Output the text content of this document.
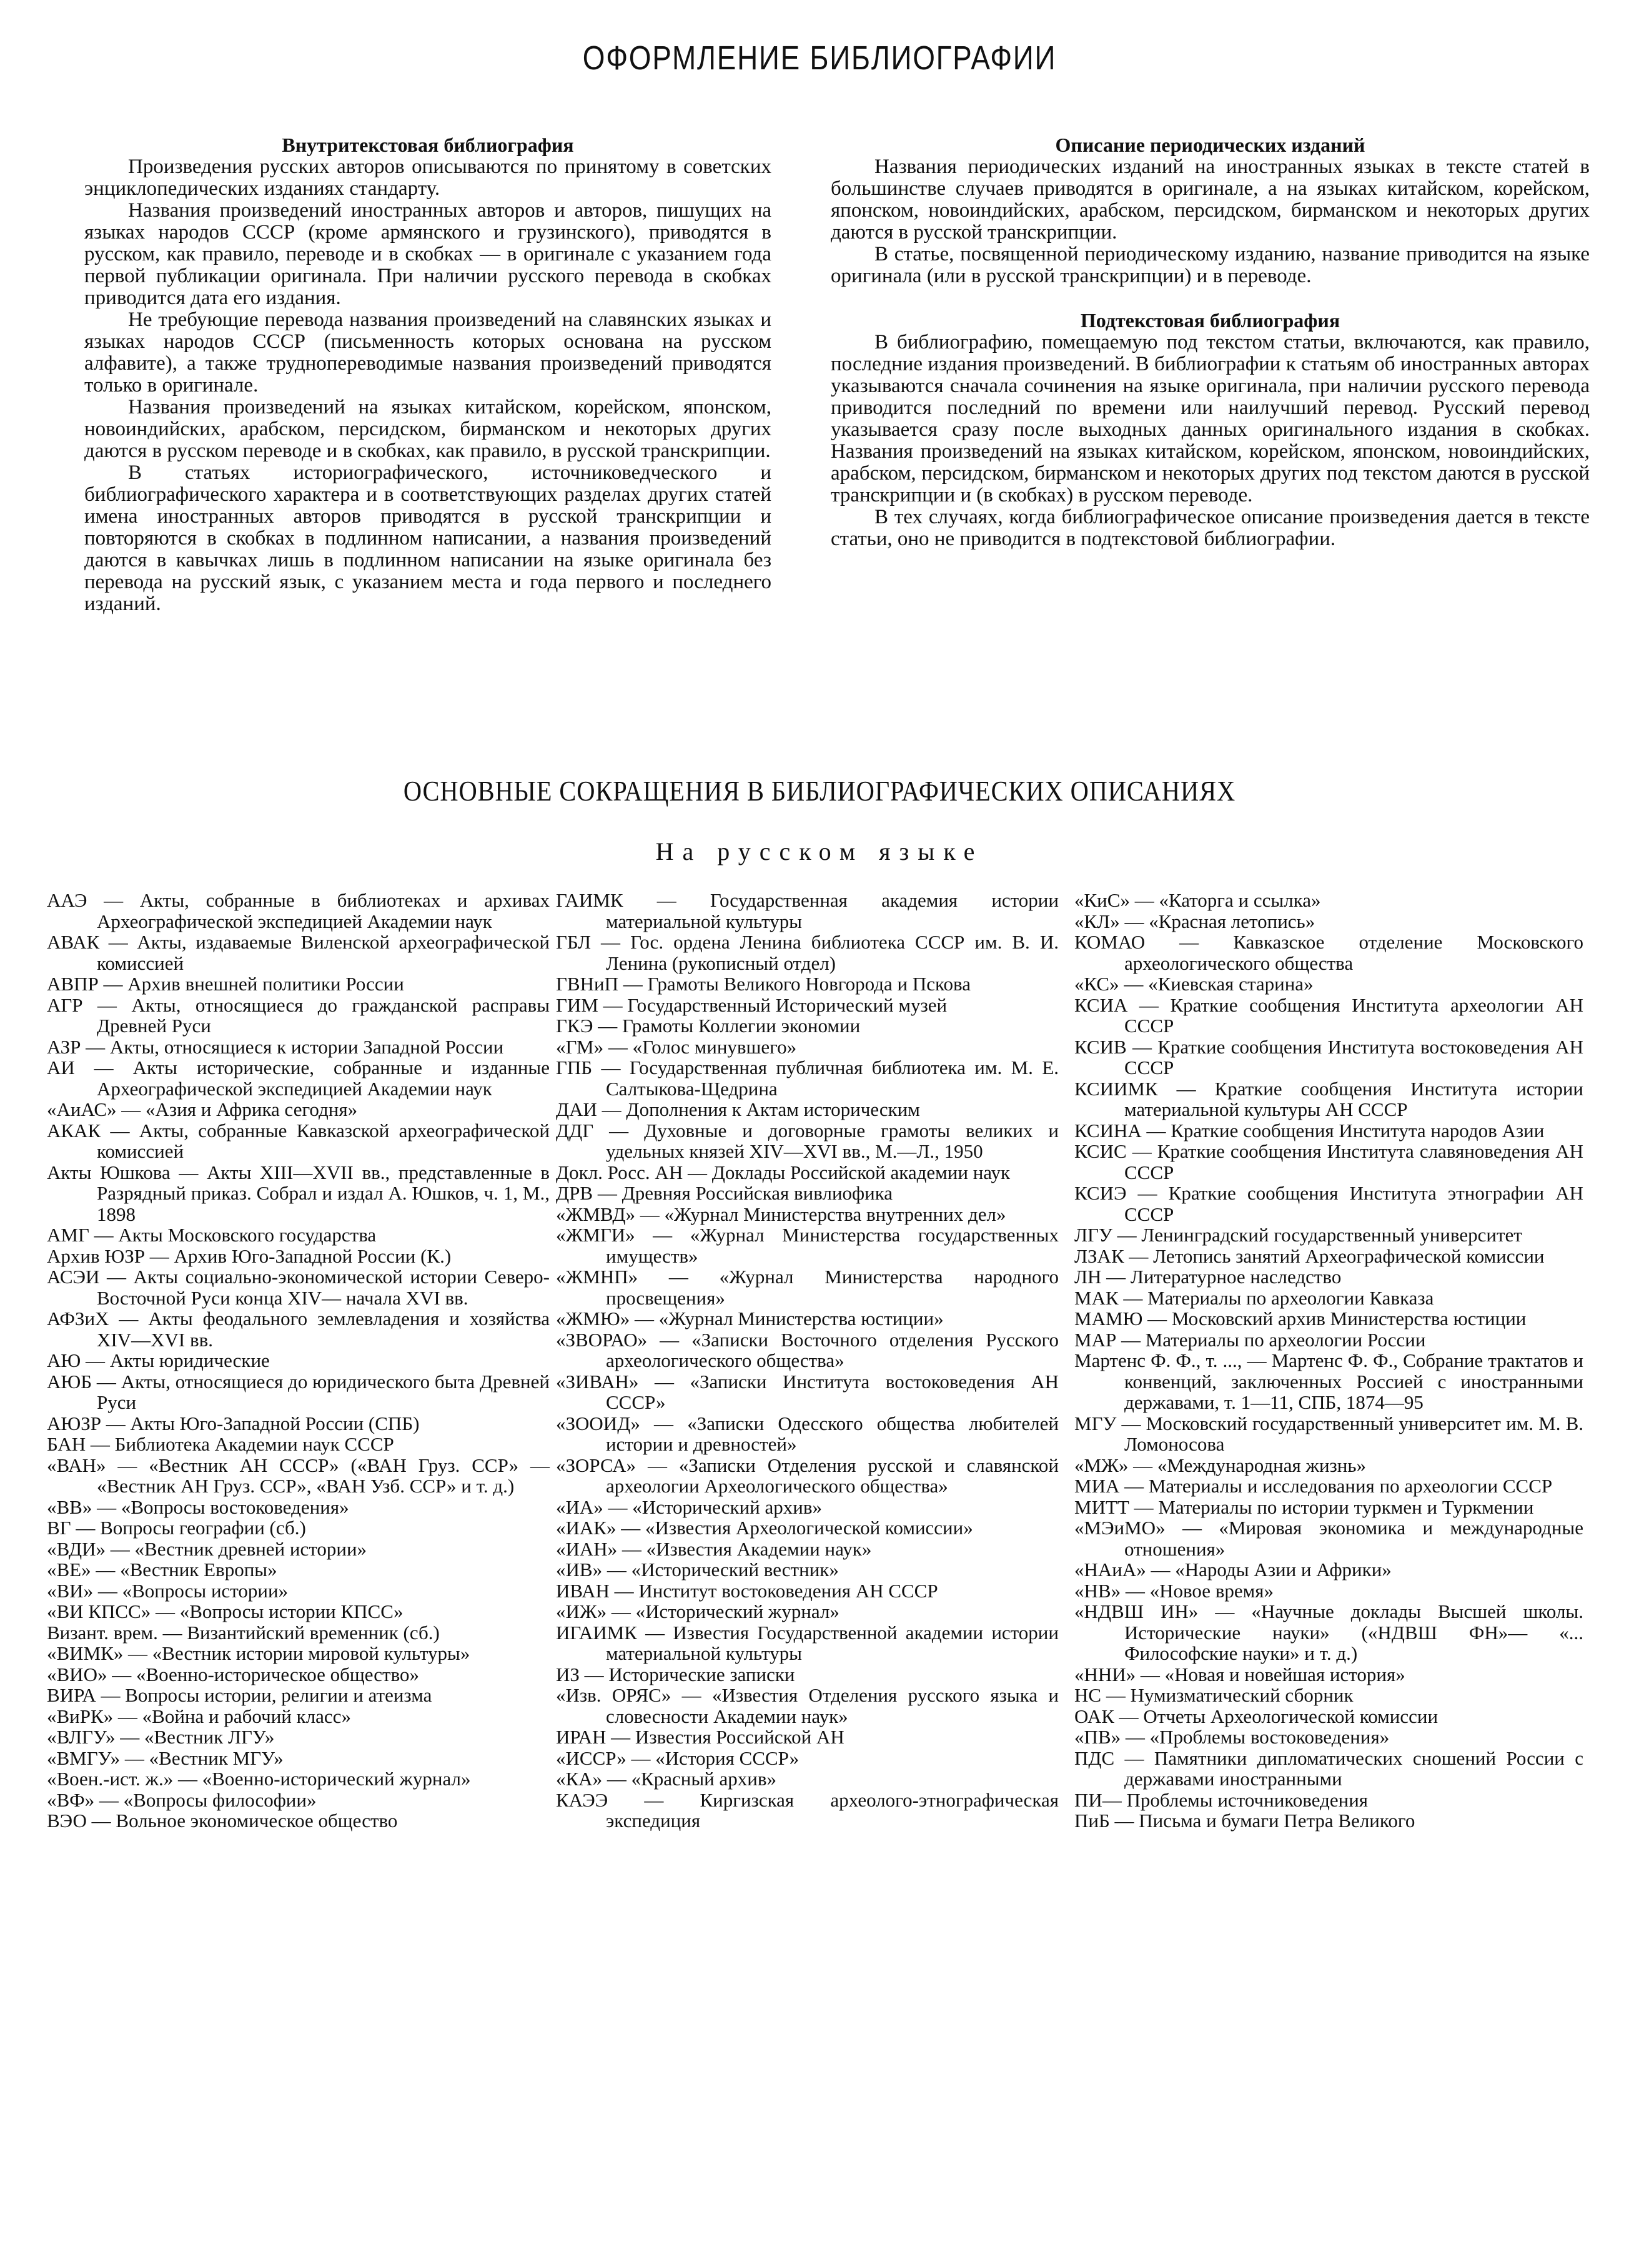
ОФОРМЛЕНИЕ БИБЛИОГРАФИИ

Внутритекстовая библиография

Произведения русских авторов описываются по принятому в советских энциклопедических изданиях стандарту.

Названия произведений иностранных авторов и авторов, пишущих на языках народов СССР (кроме армянского и грузинского), приводятся в русском, как правило, переводе и в скобках — в оригинале с указанием года первой публикации оригинала. При наличии русского перевода в скобках приводится дата его издания.

Не требующие перевода названия произведений на славянских языках и языках народов СССР (письменность которых основана на русском алфавите), а также труднопереводимые названия произведений приводятся только в оригинале.

Названия произведений на языках китайском, корейском, японском, новоиндийских, арабском, персидском, бирманском и некоторых других даются в русском переводе и в скобках, как правило, в русской транскрипции.

В статьях историографического, источниковедческого и библиографического характера и в соответствующих разделах других статей имена иностранных авторов приводятся в русской транскрипции и повторяются в скобках в подлинном написании, а названия произведений даются в кавычках лишь в подлинном написании на языке оригинала без перевода на русский язык, с указанием места и года первого и последнего изданий.

Описание периодических изданий

Названия периодических изданий на иностранных языках в тексте статей в большинстве случаев приводятся в оригинале, а на языках китайском, корейском, японском, новоиндийских, арабском, персидском, бирманском и некоторых других даются в русской транскрипции.

В статье, посвященной периодическому изданию, название приводится на языке оригинала (или в русской транскрипции) и в переводе.

Подтекстовая библиография

В библиографию, помещаемую под текстом статьи, включаются, как правило, последние издания произведений. В библиографии к статьям об иностранных авторах указываются сначала сочинения на языке оригинала, при наличии русского перевода приводится последний по времени или наилучший перевод. Русский перевод указывается сразу после выходных данных оригинального издания в скобках. Названия произведений на языках китайском, корейском, японском, новоиндийских, арабском, персидском, бирманском и некоторых других под текстом даются в русской транскрипции и (в скобках) в русском переводе.

В тех случаях, когда библиографическое описание произведения дается в тексте статьи, оно не приводится в подтекстовой библиографии.

ОСНОВНЫЕ СОКРАЩЕНИЯ В БИБЛИОГРАФИЧЕСКИХ ОПИСАНИЯХ
На русском языке
ААЭ — Акты, собранные в библиотеках и архивах Археографической экспедицией Академии наук
АВАК — Акты, издаваемые Виленской археографической комиссией
АВПР — Архив внешней политики России
АГР — Акты, относящиеся до гражданской расправы Древней Руси
АЗР — Акты, относящиеся к истории Западной России
АИ — Акты исторические, собранные и изданные Археографической экспедицией Академии наук
«АиАС» — «Азия и Африка сегодня»
АКАК — Акты, собранные Кавказской археографической комиссией
Акты Юшкова — Акты XIII—XVII вв., представленные в Разрядный приказ. Собрал и издал А. Юшков, ч. 1, М., 1898
АМГ — Акты Московского государства
Архив ЮЗР — Архив Юго-Западной России (К.)
АСЭИ — Акты социально-экономической истории Северо-Восточной Руси конца XIV— начала XVI вв.
АФЗиХ — Акты феодального землевладения и хозяйства XIV—XVI вв.
АЮ — Акты юридические
АЮБ — Акты, относящиеся до юридического быта Древней Руси
АЮЗР — Акты Юго-Западной России (СПБ)
БАН — Библиотека Академии наук СССР
«ВАН» — «Вестник АН СССР» («ВАН Груз. ССР» — «Вестник АН Груз. ССР», «ВАН Узб. ССР» и т. д.)
«ВВ» — «Вопросы востоковедения»
ВГ — Вопросы географии (сб.)
«ВДИ» — «Вестник древней истории»
«ВЕ» — «Вестник Европы»
«ВИ» — «Вопросы истории»
«ВИ КПСС» — «Вопросы истории КПСС»
Визант. врем. — Византийский временник (сб.)
«ВИМК» — «Вестник истории мировой культуры»
«ВИО» — «Военно-историческое общество»
ВИРА — Вопросы истории, религии и атеизма
«ВиРК» — «Война и рабочий класс»
«ВЛГУ» — «Вестник ЛГУ»
«ВМГУ» — «Вестник МГУ»
«Воен.-ист. ж.» — «Военно-исторический журнал»
«ВФ» — «Вопросы философии»
ВЭО — Вольное экономическое общество
ГАИМК — Государственная академия истории материальной культуры
ГБЛ — Гос. ордена Ленина библиотека СССР им. В. И. Ленина (рукописный отдел)
ГВНиП — Грамоты Великого Новгорода и Пскова
ГИМ — Государственный Исторический музей
ГКЭ — Грамоты Коллегии экономии
«ГМ» — «Голос минувшего»
ГПБ — Государственная публичная библиотека им. М. Е. Салтыкова-Щедрина
ДАИ — Дополнения к Актам историческим
ДДГ — Духовные и договорные грамоты великих и удельных князей XIV—XVI вв., М.—Л., 1950
Докл. Росс. АН — Доклады Российской академии наук
ДРВ — Древняя Российская вивлиофика
«ЖМВД» — «Журнал Министерства внутренних дел»
«ЖМГИ» — «Журнал Министерства государственных имуществ»
«ЖМНП» — «Журнал Министерства народного просвещения»
«ЖМЮ» — «Журнал Министерства юстиции»
«ЗВОРАО» — «Записки Восточного отделения Русского археологического общества»
«ЗИВАН» — «Записки Института востоковедения АН СССР»
«ЗООИД» — «Записки Одесского общества любителей истории и древностей»
«ЗОРСА» — «Записки Отделения русской и славянской археологии Археологического общества»
«ИА» — «Исторический архив»
«ИАК» — «Известия Археологической комиссии»
«ИАН» — «Известия Академии наук»
«ИВ» — «Исторический вестник»
ИВАН — Институт востоковедения АН СССР
«ИЖ» — «Исторический журнал»
ИГАИМК — Известия Государственной академии истории материальной культуры
ИЗ — Исторические записки
«Изв. ОРЯС» — «Известия Отделения русского языка и словесности Академии наук»
ИРАН — Известия Российской АН
«ИССР» — «История СССР»
«КА» — «Красный архив»
КАЭЭ — Киргизская археолого-этнографическая экспедиция
«КиС» — «Каторга и ссылка»
«КЛ» — «Красная летопись»
КОМАО — Кавказское отделение Московского археологического общества
«КС» — «Киевская старина»
КСИА — Краткие сообщения Института археологии АН СССР
КСИВ — Краткие сообщения Института востоковедения АН СССР
КСИИМК — Краткие сообщения Института истории материальной культуры АН СССР
КСИНА — Краткие сообщения Института народов Азии
КСИС — Краткие сообщения Института славяноведения АН СССР
КСИЭ — Краткие сообщения Института этнографии АН СССР
ЛГУ — Ленинградский государственный университет
ЛЗАК — Летопись занятий Археографической комиссии
ЛН — Литературное наследство
МАК — Материалы по археологии Кавказа
МАМЮ — Московский архив Министерства юстиции
МАР — Материалы по археологии России
Мартенс Ф. Ф., т. ..., — Мартенс Ф. Ф., Собрание трактатов и конвенций, заключенных Россией с иностранными державами, т. 1—11, СПБ, 1874—95
МГУ — Московский государственный университет им. М. В. Ломоносова
«МЖ» — «Международная жизнь»
МИА — Материалы и исследования по археологии СССР
МИТТ — Материалы по истории туркмен и Туркмении
«МЭиМО» — «Мировая экономика и международные отношения»
«НАиА» — «Народы Азии и Африки»
«НВ» — «Новое время»
«НДВШ ИН» — «Научные доклады Высшей школы. Исторические науки» («НДВШ ФН»— «... Философские науки» и т. д.)
«ННИ» — «Новая и новейшая история»
НС — Нумизматический сборник
ОАК — Отчеты Археологической комиссии
«ПВ» — «Проблемы востоковедения»
ПДС — Памятники дипломатических сношений России с державами иностранными
ПИ— Проблемы источниковедения
ПиБ — Письма и бумаги Петра Великого
